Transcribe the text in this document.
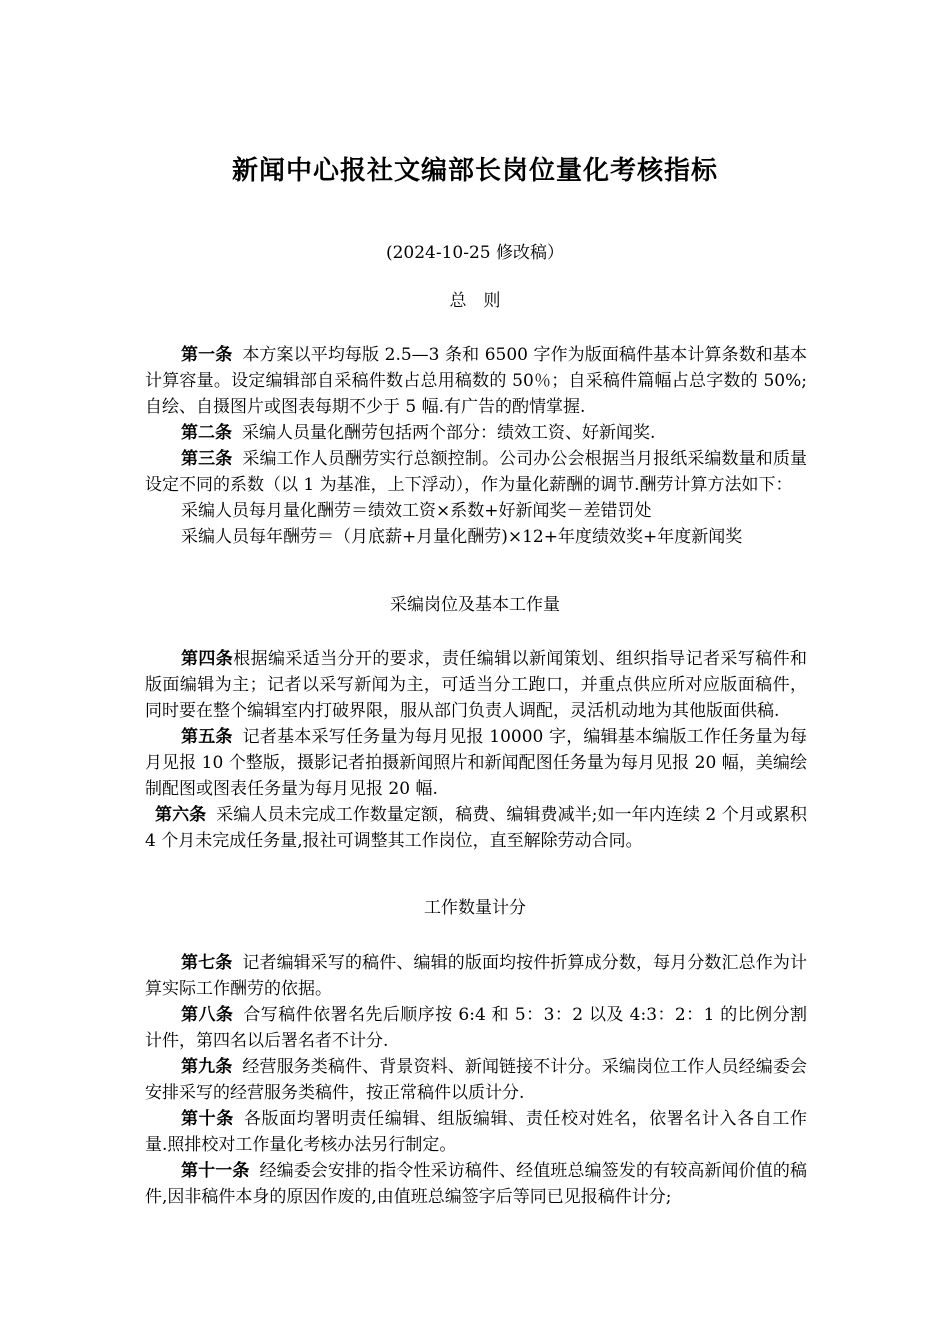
新闻中心报社文编部长岗位量化考核指标
(2024-10-25 修改稿）
总　则

第一条 本方案以平均每版 2.5—3 条和 6500 字作为版面稿件基本计算条数和基本计算容量。设定编辑部自采稿件数占总用稿数的 50％；自采稿件篇幅占总字数的 50%;自绘、自摄图片或图表每期不少于 5 幅.有广告的酌情掌握.

第二条 采编人员量化酬劳包括两个部分：绩效工资、好新闻奖.

第三条 采编工作人员酬劳实行总额控制。公司办公会根据当月报纸采编数量和质量设定不同的系数（以 1 为基准，上下浮动），作为量化薪酬的调节.酬劳计算方法如下：

采编人员每月量化酬劳＝绩效工资×系数+好新闻奖－差错罚处

采编人员每年酬劳＝（月底薪+月量化酬劳)×12+年度绩效奖+年度新闻奖

采编岗位及基本工作量

第四条根据编采适当分开的要求，责任编辑以新闻策划、组织指导记者采写稿件和版面编辑为主；记者以采写新闻为主，可适当分工跑口，并重点供应所对应版面稿件，同时要在整个编辑室内打破界限，服从部门负责人调配，灵活机动地为其他版面供稿.

第五条 记者基本采写任务量为每月见报 10000 字，编辑基本编版工作任务量为每月见报 10 个整版，摄影记者拍摄新闻照片和新闻配图任务量为每月见报 20 幅，美编绘制配图或图表任务量为每月见报 20 幅.

第六条 采编人员未完成工作数量定额，稿费、编辑费减半;如一年内连续 2 个月或累积 4 个月未完成任务量,报社可调整其工作岗位，直至解除劳动合同。

工作数量计分

第七条 记者编辑采写的稿件、编辑的版面均按件折算成分数，每月分数汇总作为计算实际工作酬劳的依据。

第八条 合写稿件依署名先后顺序按 6:4 和 5：3：2 以及 4:3：2：1 的比例分割计件，第四名以后署名者不计分.

第九条 经营服务类稿件、背景资料、新闻链接不计分。采编岗位工作人员经编委会安排采写的经营服务类稿件，按正常稿件以质计分.

第十条 各版面均署明责任编辑、组版编辑、责任校对姓名，依署名计入各自工作量.照排校对工作量化考核办法另行制定。

第十一条 经编委会安排的指令性采访稿件、经值班总编签发的有较高新闻价值的稿件,因非稿件本身的原因作废的,由值班总编签字后等同已见报稿件计分;
